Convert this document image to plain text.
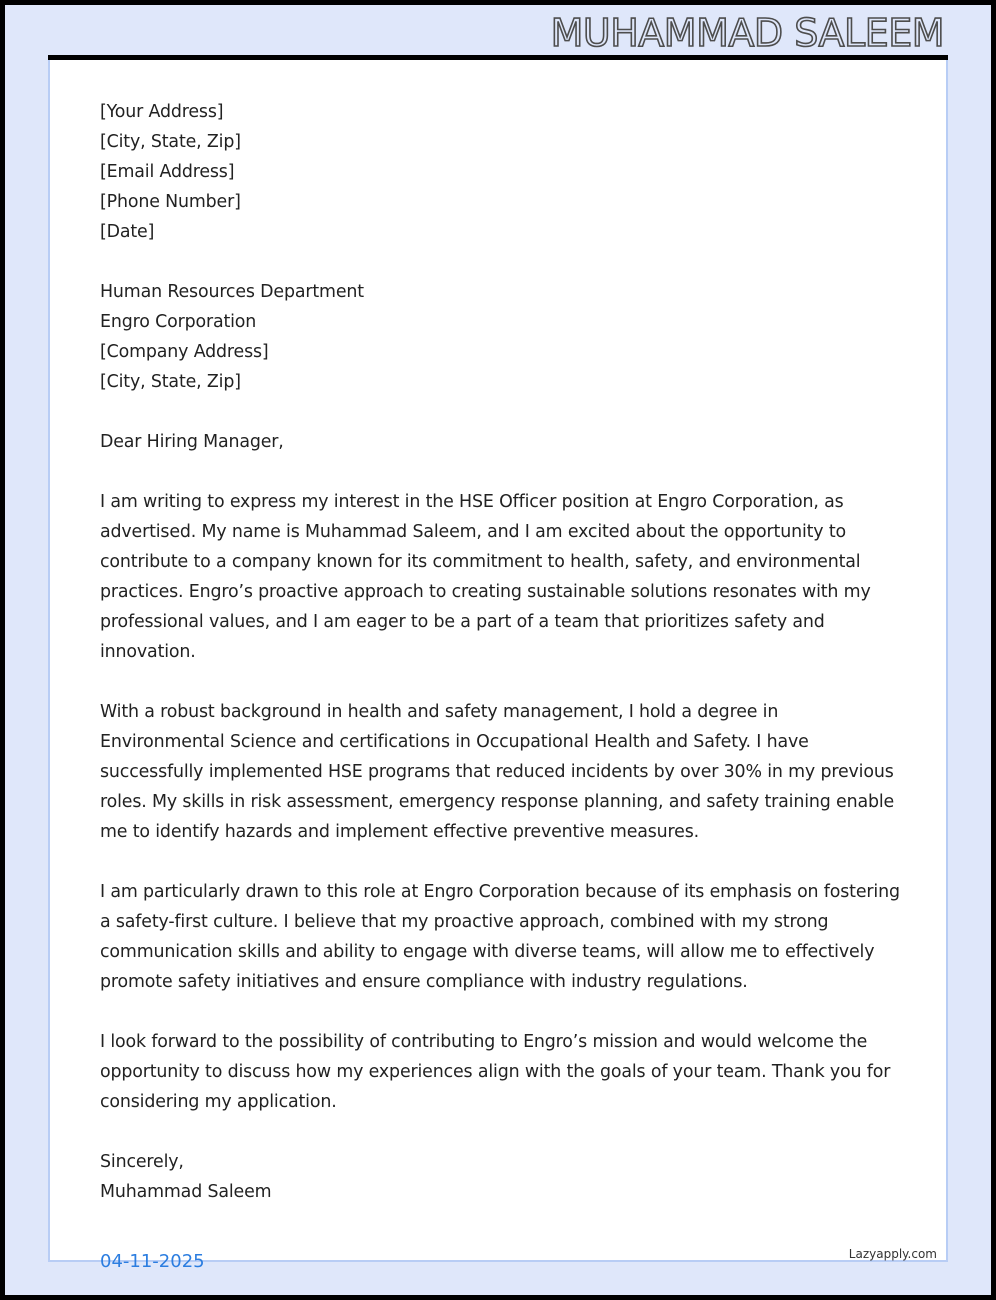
MUHAMMAD SALEEM
[Your Address]
[City, State, Zip]
[Email Address]
[Phone Number]
[Date]
Human Resources Department
Engro Corporation
[Company Address]
[City, State, Zip]
Dear Hiring Manager,

I am writing to express my interest in the HSE Officer position at Engro Corporation, as advertised. My name is Muhammad Saleem, and I am excited about the opportunity to contribute to a company known for its commitment to health, safety, and environmental practices. Engro’s proactive approach to creating sustainable solutions resonates with my professional values, and I am eager to be a part of a team that prioritizes safety and innovation.

With a robust background in health and safety management, I hold a degree in Environmental Science and certifications in Occupational Health and Safety. I have successfully implemented HSE programs that reduced incidents by over 30% in my previous roles. My skills in risk assessment, emergency response planning, and safety training enable me to identify hazards and implement effective preventive measures.

I am particularly drawn to this role at Engro Corporation because of its emphasis on fostering a safety-first culture. I believe that my proactive approach, combined with my strong communication skills and ability to engage with diverse teams, will allow me to effectively promote safety initiatives and ensure compliance with industry regulations.

I look forward to the possibility of contributing to Engro’s mission and would welcome the opportunity to discuss how my experiences align with the goals of your team. Thank you for considering my application.

Sincerely,
Muhammad Saleem
04-11-2025	Lazyapply.com
